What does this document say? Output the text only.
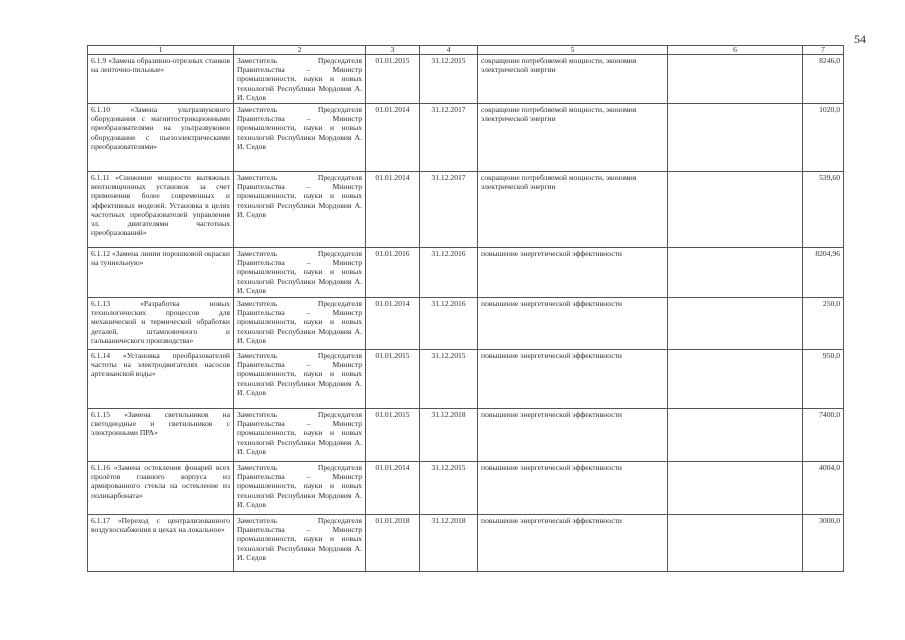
54
1	2	3	4	5	6	7
6.1.9 «Замена образивно-отрезных станков на ленточно-пильные»	Заместитель Председателя Правительства – Министр промышленности, науки и новых технологий Республики Мордовия А. И. Седов	01.01.2015	31.12.2015	сокращение потребляемой мощности, экономия электрической энергии		8246,0
6.1.10 «Замена ультразвукового оборудования с магнитострикционными преобразователями на ультразвуковое оборудование с пьезоэлектрическими преобразователями»	Заместитель Председателя Правительства – Министр промышленности, науки и новых технологий Республики Мордовия А. И. Седов	01.01.2014	31.12.2017	сокращение потребляемой мощности, экономия электрической энергии		1020,0
6.1.11 «Снижение мощности вытяжных вентиляционных установок за счет применения более современных и эффективных моделей. Установка в целях частотных преобразователей управления эл. двигателями частотных преобразований»	Заместитель Председателя Правительства – Министр промышленности, науки и новых технологий Республики Мордовия А. И. Седов	01.01.2014	31.12.2017	сокращение потребляемой мощности, экономия электрической энергии		539,60
6.1.12 «Замена линии порошковой окраски на туннельную»	Заместитель Председателя Правительства – Министр промышленности, науки и новых технологий Республики Мордовия А. И. Седов	01.01.2016	31.12.2016	повышение энергетической эффективности		8204,96
6.1.13 «Разработка новых технологических процессов для механической и термической обработки деталей, штамповочного и гальванического производства»	Заместитель Председателя Правительства – Министр промышленности, науки и новых технологий Республики Мордовия А. И. Седов	01.01.2014	31.12.2016	повышение энергетической эффективности		250,0
6.1.14 «Установка преобразователей частоты на электродвигателях насосов артезианской воды»	Заместитель Председателя Правительства – Министр промышленности, науки и новых технологий Республики Мордовия А. И. Седов	01.01.2015	31.12.2015	повышение энергетической эффективности		950,0
6.1.15 «Замена светильников на светодиодные и светильников с электронными ПРА»	Заместитель Председателя Правительства – Министр промышленности, науки и новых технологий Республики Мордовия А. И. Седов	01.01.2015	31.12.2018	повышение энергетической эффективности		7400,0
6.1.16 «Замена остекления фонарей всех пролётов главного корпуса из армированного стекла на остекление из поликарбоната»	Заместитель Председателя Правительства – Министр промышленности, науки и новых технологий Республики Мордовия А. И. Седов	01.01.2014	31.12.2015	повышение энергетической эффективности		4004,0
6.1.17 «Переход с централизованного воздухоснабжения в цехах на локальное»	Заместитель Председателя Правительства – Министр промышленности, науки и новых технологий Республики Мордовия А. И. Седов	01.01.2018	31.12.2018	повышение энергетической эффективности		3000,0
